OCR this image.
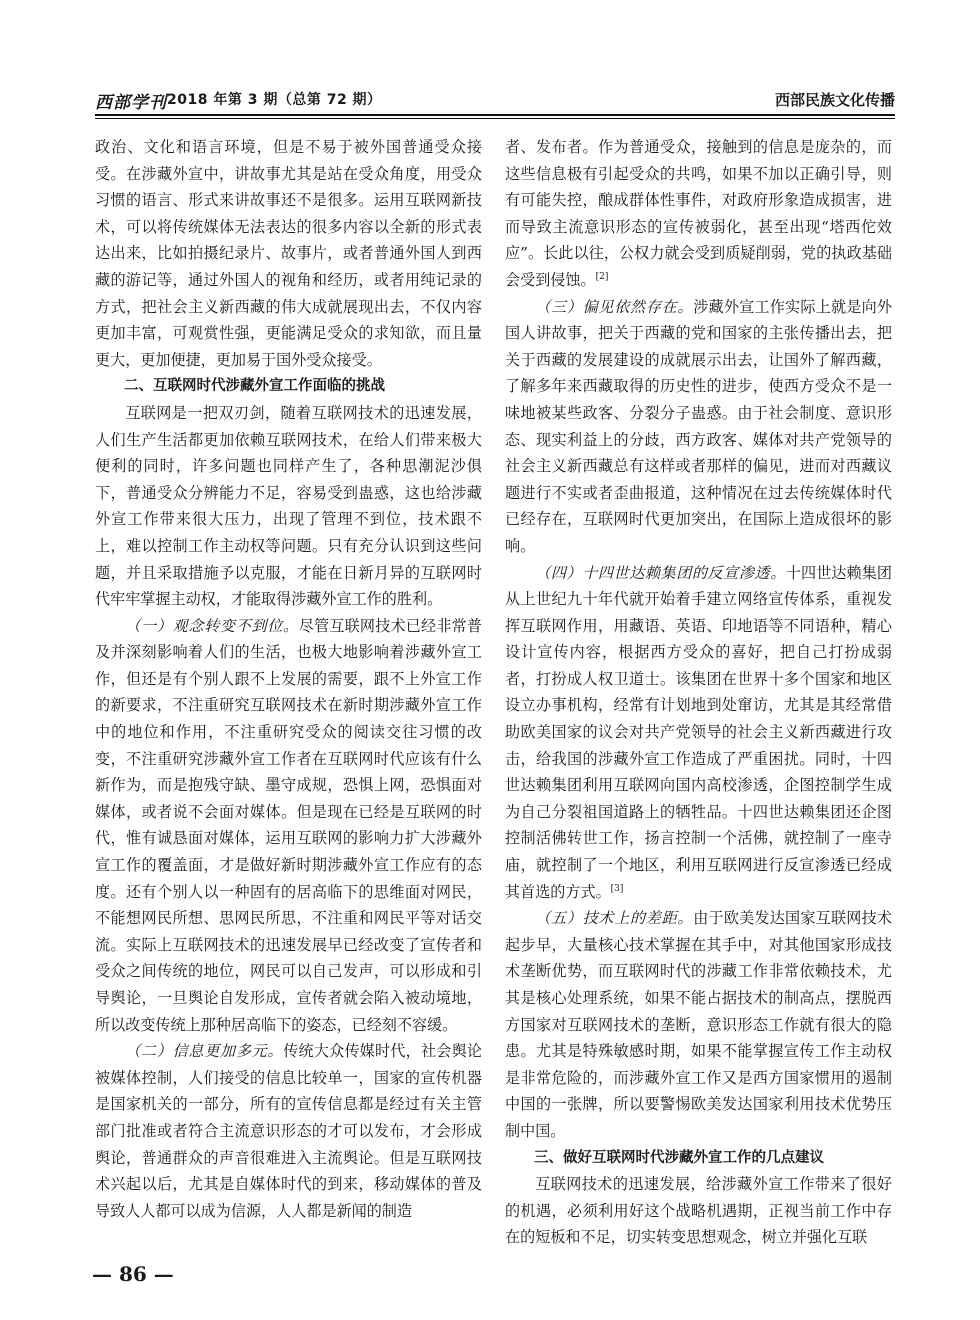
西部学刊 2018 年第 3 期（总第 72 期）	西部民族文化传播

政治、文化和语言环境，但是不易于被外国普通受众接受。在涉藏外宣中，讲故事尤其是站在受众角度，用受众习惯的语言、形式来讲故事还不是很多。运用互联网新技术，可以将传统媒体无法表达的很多内容以全新的形式表达出来，比如拍摄纪录片、故事片，或者普通外国人到西藏的游记等，通过外国人的视角和经历，或者用纯记录的方式，把社会主义新西藏的伟大成就展现出去，不仅内容更加丰富，可观赏性强，更能满足受众的求知欲，而且量更大，更加便捷，更加易于国外受众接受。

二、互联网时代涉藏外宣工作面临的挑战

互联网是一把双刃剑，随着互联网技术的迅速发展，人们生产生活都更加依赖互联网技术，在给人们带来极大便利的同时，许多问题也同样产生了，各种思潮泥沙俱下，普通受众分辨能力不足，容易受到蛊惑，这也给涉藏外宣工作带来很大压力，出现了管理不到位，技术跟不上，难以控制工作主动权等问题。只有充分认识到这些问题，并且采取措施予以克服，才能在日新月异的互联网时代牢牢掌握主动权，才能取得涉藏外宣工作的胜利。

（一）观念转变不到位。尽管互联网技术已经非常普及并深刻影响着人们的生活，也极大地影响着涉藏外宣工作，但还是有个别人跟不上发展的需要，跟不上外宣工作的新要求，不注重研究互联网技术在新时期涉藏外宣工作中的地位和作用，不注重研究受众的阅读交往习惯的改变，不注重研究涉藏外宣工作者在互联网时代应该有什么新作为，而是抱残守缺、墨守成规，恐惧上网，恐惧面对媒体，或者说不会面对媒体。但是现在已经是互联网的时代，惟有诚恳面对媒体，运用互联网的影响力扩大涉藏外宣工作的覆盖面，才是做好新时期涉藏外宣工作应有的态度。还有个别人以一种固有的居高临下的思维面对网民，不能想网民所想、思网民所思，不注重和网民平等对话交流。实际上互联网技术的迅速发展早已经改变了宣传者和受众之间传统的地位，网民可以自己发声，可以形成和引导舆论，一旦舆论自发形成，宣传者就会陷入被动境地，所以改变传统上那种居高临下的姿态，已经刻不容缓。

（二）信息更加多元。传统大众传媒时代，社会舆论被媒体控制，人们接受的信息比较单一，国家的宣传机器是国家机关的一部分，所有的宣传信息都是经过有关主管部门批准或者符合主流意识形态的才可以发布，才会形成舆论，普通群众的声音很难进入主流舆论。但是互联网技术兴起以后，尤其是自媒体时代的到来，移动媒体的普及导致人人都可以成为信源，人人都是新闻的制造

者、发布者。作为普通受众，接触到的信息是庞杂的，而这些信息极有引起受众的共鸣，如果不加以正确引导，则有可能失控，酿成群体性事件，对政府形象造成损害，进而导致主流意识形态的宣传被弱化，甚至出现“塔西佗效应”。长此以往，公权力就会受到质疑削弱，党的执政基础会受到侵蚀。[2]

（三）偏见依然存在。涉藏外宣工作实际上就是向外国人讲故事，把关于西藏的党和国家的主张传播出去，把关于西藏的发展建设的成就展示出去，让国外了解西藏，了解多年来西藏取得的历史性的进步，使西方受众不是一味地被某些政客、分裂分子蛊惑。由于社会制度、意识形态、现实利益上的分歧，西方政客、媒体对共产党领导的社会主义新西藏总有这样或者那样的偏见，进而对西藏议题进行不实或者歪曲报道，这种情况在过去传统媒体时代已经存在，互联网时代更加突出，在国际上造成很坏的影响。

（四）十四世达赖集团的反宣渗透。十四世达赖集团从上世纪九十年代就开始着手建立网络宣传体系，重视发挥互联网作用，用藏语、英语、印地语等不同语种，精心设计宣传内容，根据西方受众的喜好，把自己打扮成弱者，打扮成人权卫道士。该集团在世界十多个国家和地区设立办事机构，经常有计划地到处窜访，尤其是其经常借助欧美国家的议会对共产党领导的社会主义新西藏进行攻击，给我国的涉藏外宣工作造成了严重困扰。同时，十四世达赖集团利用互联网向国内高校渗透，企图控制学生成为自己分裂祖国道路上的牺牲品。十四世达赖集团还企图控制活佛转世工作，扬言控制一个活佛，就控制了一座寺庙，就控制了一个地区，利用互联网进行反宣渗透已经成其首选的方式。[3]

（五）技术上的差距。由于欧美发达国家互联网技术起步早，大量核心技术掌握在其手中，对其他国家形成技术垄断优势，而互联网时代的涉藏工作非常依赖技术，尤其是核心处理系统，如果不能占据技术的制高点，摆脱西方国家对互联网技术的垄断，意识形态工作就有很大的隐患。尤其是特殊敏感时期，如果不能掌握宣传工作主动权是非常危险的，而涉藏外宣工作又是西方国家惯用的遏制中国的一张牌，所以要警惕欧美发达国家利用技术优势压制中国。

三、做好互联网时代涉藏外宣工作的几点建议

互联网技术的迅速发展，给涉藏外宣工作带来了很好的机遇，必须利用好这个战略机遇期，正视当前工作中存在的短板和不足，切实转变思想观念，树立并强化互联

— 86 —
